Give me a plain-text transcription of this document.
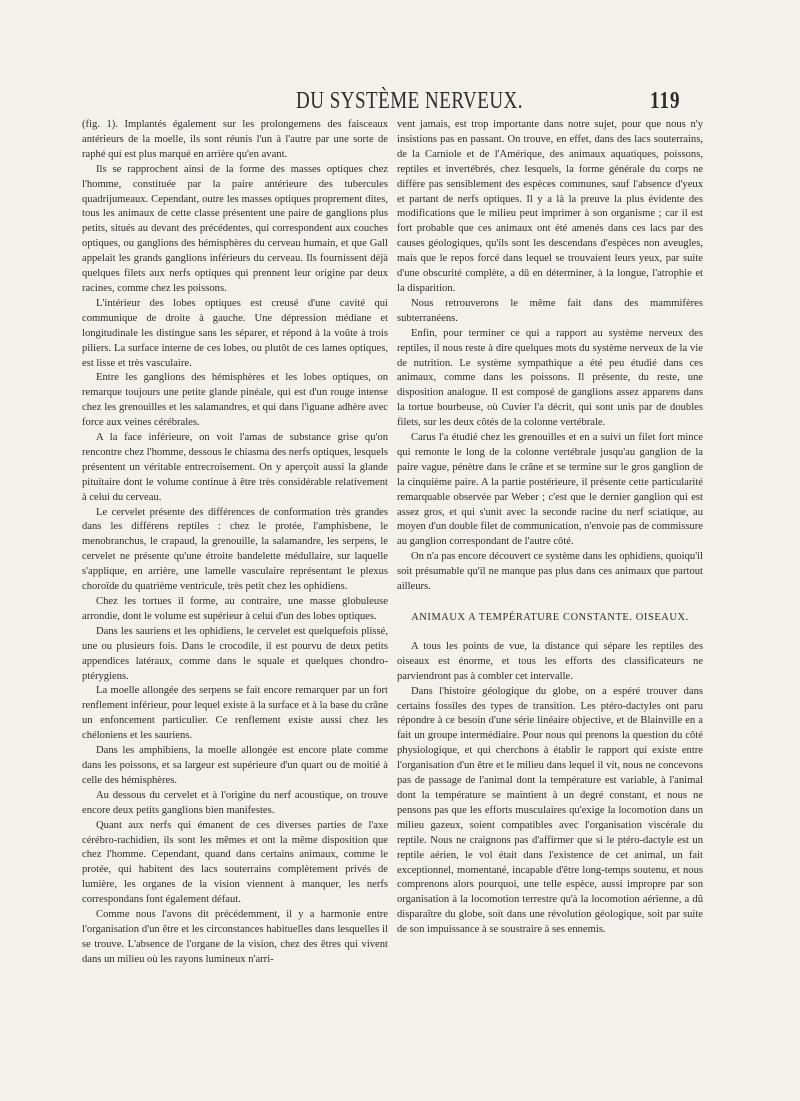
DU SYSTÈME NERVEUX.	119

(fig. 1). Implantés également sur les prolongemens des faisceaux antérieurs de la moelle, ils sont réunis l'un à l'autre par une sorte de raphé qui est plus marqué en arrière qu'en avant.

Ils se rapprochent ainsi de la forme des masses optiques chez l'homme, constituée par la paire antérieure des tubercules quadrijumeaux. Cependant, outre les masses optiques proprement dites, tous les animaux de cette classe présentent une paire de ganglions plus petits, situés au devant des précédentes, qui correspondent aux couches optiques, ou ganglions des hémisphères du cerveau humain, et que Gall appelait les grands ganglions inférieurs du cerveau. Ils fournissent déjà quelques filets aux nerfs optiques qui prennent leur origine par deux racines, comme chez les poissons.

L'intérieur des lobes optiques est creusé d'une cavité qui communique de droite à gauche. Une dépression médiane et longitudinale les distingue sans les séparer, et répond à la voûte à trois piliers. La surface interne de ces lobes, ou plutôt de ces lames optiques, est lisse et très vasculaire.

Entre les ganglions des hémisphères et les lobes optiques, on remarque toujours une petite glande pinéale, qui est d'un rouge intense chez les grenouilles et les salamandres, et qui dans l'iguane adhère avec force aux veines cérébrales.

A la face inférieure, on voit l'amas de substance grise qu'on rencontre chez l'homme, dessous le chiasma des nerfs optiques, lesquels présentent un véritable entrecroisement. On y aperçoit aussi la glande pituitaire dont le volume continue à être très considérable relativement à celui du cerveau.

Le cervelet présente des différences de conformation très grandes dans les différens reptiles : chez le protée, l'amphisbene, le menobranchus, le crapaud, la grenouille, la salamandre, les serpens, le cervelet ne présente qu'une étroite bandelette médullaire, sur laquelle s'applique, en arrière, une lamelle vasculaire représentant le plexus choroïde du quatrième ventricule, très petit chez les ophidiens.

Chez les tortues il forme, au contraire, une masse globuleuse arrondie, dont le volume est supérieur à celui d'un des lobes optiques.

Dans les sauriens et les ophidiens, le cervelet est quelquefois plissé, une ou plusieurs fois. Dans le crocodile, il est pourvu de deux petits appendices latéraux, comme dans le squale et quelques chondro-ptérygiens.

La moelle allongée des serpens se fait encore remarquer par un fort renflement inférieur, pour lequel existe à la surface et à la base du crâne un enfoncement particulier. Ce renflement existe aussi chez les chéloniens et les sauriens.

Dans les amphibiens, la moelle allongée est encore plate comme dans les poissons, et sa largeur est supérieure d'un quart ou de moitié à celle des hémisphères.

Au dessous du cervelet et à l'origine du nerf acoustique, on trouve encore deux petits ganglions bien manifestes.

Quant aux nerfs qui émanent de ces diverses parties de l'axe cérébro-rachidien, ils sont les mêmes et ont la même disposition que chez l'homme. Cependant, quand dans certains animaux, comme le protée, qui habitent des lacs souterrains complètement privés de lumière, les organes de la vision viennent à manquer, les nerfs correspondans font également défaut.

Comme nous l'avons dit précédemment, il y a harmonie entre l'organisation d'un être et les circonstances habituelles dans lesquelles il se trouve. L'absence de l'organe de la vision, chez des êtres qui vivent dans un milieu où les rayons lumineux n'arri-

vent jamais, est trop importante dans notre sujet, pour que nous n'y insistions pas en passant. On trouve, en effet, dans des lacs souterrains, de la Carniole et de l'Amérique, des animaux aquatiques, poissons, reptiles et invertébrés, chez lesquels, la forme générale du corps ne diffère pas sensiblement des espèces communes, sauf l'absence d'yeux et partant de nerfs optiques. Il y a là la preuve la plus évidente des modifications que le milieu peut imprimer à son organisme ; car il est fort probable que ces animaux ont été amenés dans ces lacs par des causes géologiques, qu'ils sont les descendans d'espèces non aveugles, mais que le repos forcé dans lequel se trouvaient leurs yeux, par suite d'une obscurité complète, a dû en déterminer, à la longue, l'atrophie et la disparition.

Nous retrouverons le même fait dans des mammifères subterranéens.

Enfin, pour terminer ce qui a rapport au système nerveux des reptiles, il nous reste à dire quelques mots du système nerveux de la vie de nutrition. Le système sympathique a été peu étudié dans ces animaux, comme dans les poissons. Il présente, du reste, une disposition analogue. Il est composé de ganglions assez apparens dans la tortue bourbeuse, où Cuvier l'a décrit, qui sont unis par de doubles filets, sur les deux côtés de la colonne vertébrale.

Carus l'a étudié chez les grenouilles et en a suivi un filet fort mince qui remonte le long de la colonne vertébrale jusqu'au ganglion de la paire vague, pénètre dans le crâne et se termine sur le gros ganglion de la cinquième paire. A la partie postérieure, il présente cette particularité remarquable observée par Weber ; c'est que le dernier ganglion qui est assez gros, et qui s'unit avec la seconde racine du nerf sciatique, au moyen d'un double filet de communication, n'envoie pas de commissure au ganglion correspondant de l'autre côté.

On n'a pas encore découvert ce système dans les ophidiens, quoiqu'il soit présumable qu'il ne manque pas plus dans ces animaux que partout ailleurs.

ANIMAUX A TEMPÉRATURE CONSTANTE. OISEAUX.

A tous les points de vue, la distance qui sépare les reptiles des oiseaux est énorme, et tous les efforts des classificateurs ne parviendront pas à combler cet intervalle.

Dans l'histoire géologique du globe, on a espéré trouver dans certains fossiles des types de transition. Les ptéro-dactyles ont paru répondre à ce besoin d'une série linéaire objective, et de Blainville en a fait un groupe intermédiaire. Pour nous qui prenons la question du côté physiologique, et qui cherchons à établir le rapport qui existe entre l'organisation d'un être et le milieu dans lequel il vit, nous ne concevons pas de passage de l'animal dont la température est variable, à l'animal dont la température se maintient à un degré constant, et nous ne pensons pas que les efforts musculaires qu'exige la locomotion dans un milieu gazeux, soient compatibles avec l'organisation viscérale du reptile. Nous ne craignons pas d'affirmer que si le ptéro-dactyle est un reptile aérien, le vol était dans l'existence de cet animal, un fait exceptionnel, momentané, incapable d'être long-temps soutenu, et nous comprenons alors pourquoi, une telle espèce, aussi impropre par son organisation à la locomotion terrestre qu'à la locomotion aérienne, a dû disparaître du globe, soit dans une révolution géologique, soit par suite de son impuissance à se soustraire à ses ennemis.
